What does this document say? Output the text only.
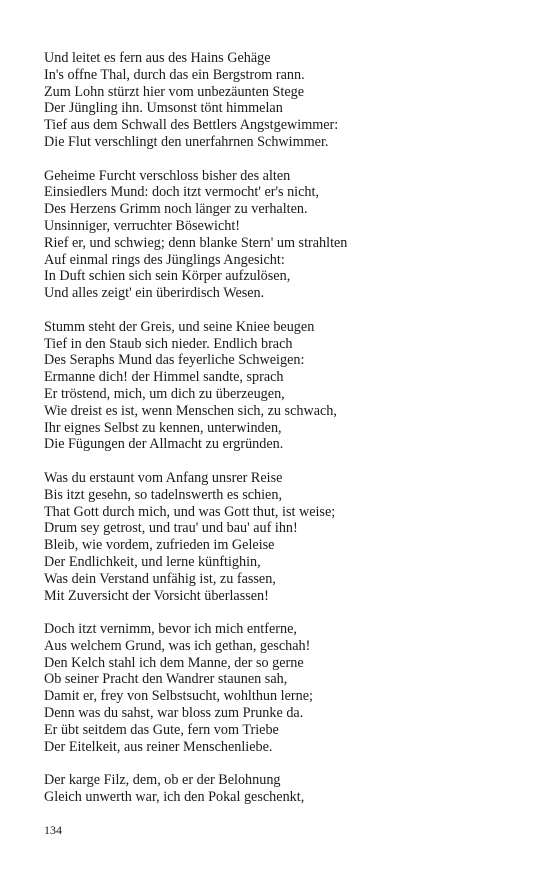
Und leitet es fern aus des Hains Gehäge
In's offne Thal, durch das ein Bergstrom rann.
Zum Lohn stürzt hier vom unbezäunten Stege
Der Jüngling ihn. Umsonst tönt himmelan
Tief aus dem Schwall des Bettlers Angstgewimmer:
Die Flut verschlingt den unerfahrnen Schwimmer.
Geheime Furcht verschloss bisher des alten
Einsiedlers Mund: doch itzt vermocht' er's nicht,
Des Herzens Grimm noch länger zu verhalten.
Unsinniger, verruchter Bösewicht!
Rief er, und schwieg; denn blanke Stern' um strahlten
Auf einmal rings des Jünglings Angesicht:
In Duft schien sich sein Körper aufzulösen,
Und alles zeigt' ein überirdisch Wesen.
Stumm steht der Greis, und seine Kniee beugen
Tief in den Staub sich nieder. Endlich brach
Des Seraphs Mund das feyerliche Schweigen:
Ermanne dich! der Himmel sandte, sprach
Er tröstend, mich, um dich zu überzeugen,
Wie dreist es ist, wenn Menschen sich, zu schwach,
Ihr eignes Selbst zu kennen, unterwinden,
Die Fügungen der Allmacht zu ergründen.
Was du erstaunt vom Anfang unsrer Reise
Bis itzt gesehn, so tadelnswerth es schien,
That Gott durch mich, und was Gott thut, ist weise;
Drum sey getrost, und trau' und bau' auf ihn!
Bleib, wie vordem, zufrieden im Geleise
Der Endlichkeit, und lerne künftighin,
Was dein Verstand unfähig ist, zu fassen,
Mit Zuversicht der Vorsicht überlassen!
Doch itzt vernimm, bevor ich mich entferne,
Aus welchem Grund, was ich gethan, geschah!
Den Kelch stahl ich dem Manne, der so gerne
Ob seiner Pracht den Wandrer staunen sah,
Damit er, frey von Selbstsucht, wohlthun lerne;
Denn was du sahst, war bloss zum Prunke da.
Er übt seitdem das Gute, fern vom Triebe
Der Eitelkeit, aus reiner Menschenliebe.
Der karge Filz, dem, ob er der Belohnung
Gleich unwerth war, ich den Pokal geschenkt,
134
